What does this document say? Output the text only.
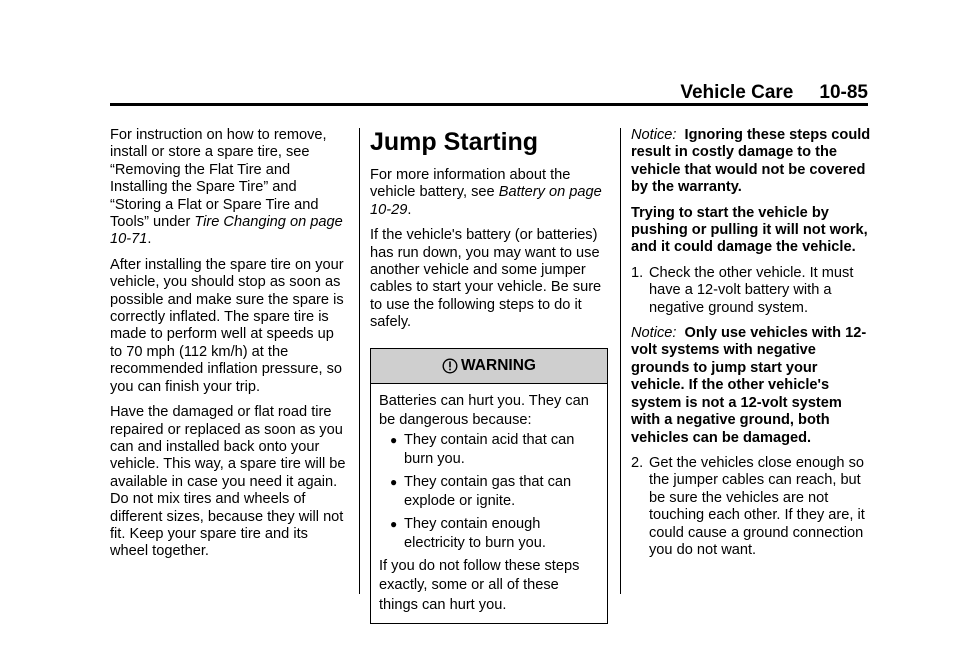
Vehicle Care 10-85

For instruction on how to remove, install or store a spare tire, see “Removing the Flat Tire and Installing the Spare Tire” and “Storing a Flat or Spare Tire and Tools” under Tire Changing on page 10-71.

After installing the spare tire on your vehicle, you should stop as soon as possible and make sure the spare is correctly inflated. The spare tire is made to perform well at speeds up to 70 mph (112 km/h) at the recommended inflation pressure, so you can finish your trip.

Have the damaged or flat road tire repaired or replaced as soon as you can and installed back onto your vehicle. This way, a spare tire will be available in case you need it again. Do not mix tires and wheels of different sizes, because they will not fit. Keep your spare tire and its wheel together.

Jump Starting

For more information about the vehicle battery, see Battery on page 10-29.

If the vehicle's battery (or batteries) has run down, you may want to use another vehicle and some jumper cables to start your vehicle. Be sure to use the following steps to do it safely.

WARNING

Batteries can hurt you. They can be dangerous because:

● They contain acid that can burn you.
● They contain gas that can explode or ignite.
● They contain enough electricity to burn you.

If you do not follow these steps exactly, some or all of these things can hurt you.

Notice: Ignoring these steps could result in costly damage to the vehicle that would not be covered by the warranty.

Trying to start the vehicle by pushing or pulling it will not work, and it could damage the vehicle.

1. Check the other vehicle. It must have a 12-volt battery with a negative ground system.

Notice: Only use vehicles with 12-volt systems with negative grounds to jump start your vehicle. If the other vehicle's system is not a 12-volt system with a negative ground, both vehicles can be damaged.

2. Get the vehicles close enough so the jumper cables can reach, but be sure the vehicles are not touching each other. If they are, it could cause a ground connection you do not want.
